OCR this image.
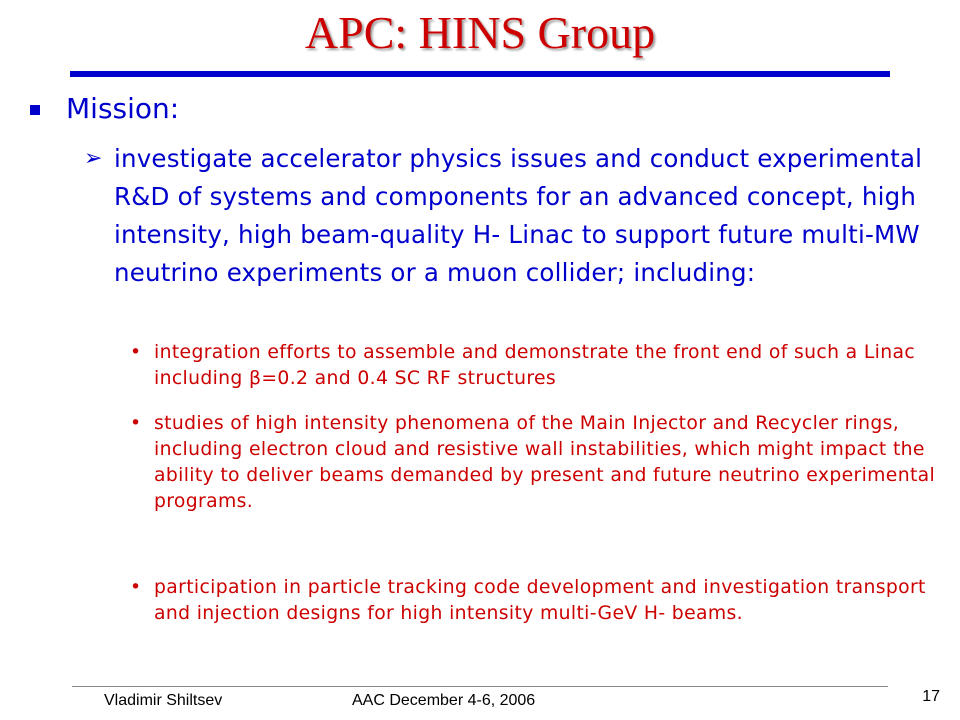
APC: HINS Group
Mission:
➢ investigate accelerator physics issues and conduct experimental R&D of systems and components for an advanced concept, high intensity, high beam-quality H- Linac to support future multi-MW neutrino experiments or a muon collider; including:
• integration efforts to assemble and demonstrate the front end of such a Linac including β=0.2 and 0.4 SC RF structures
• studies of high intensity phenomena of the Main Injector and Recycler rings, including electron cloud and resistive wall instabilities, which might impact the ability to deliver beams demanded by present and future neutrino experimental programs.
• participation in particle tracking code development and investigation transport and injection designs for high intensity multi-GeV H- beams.
Vladimir Shiltsev	AAC December 4-6, 2006	17
